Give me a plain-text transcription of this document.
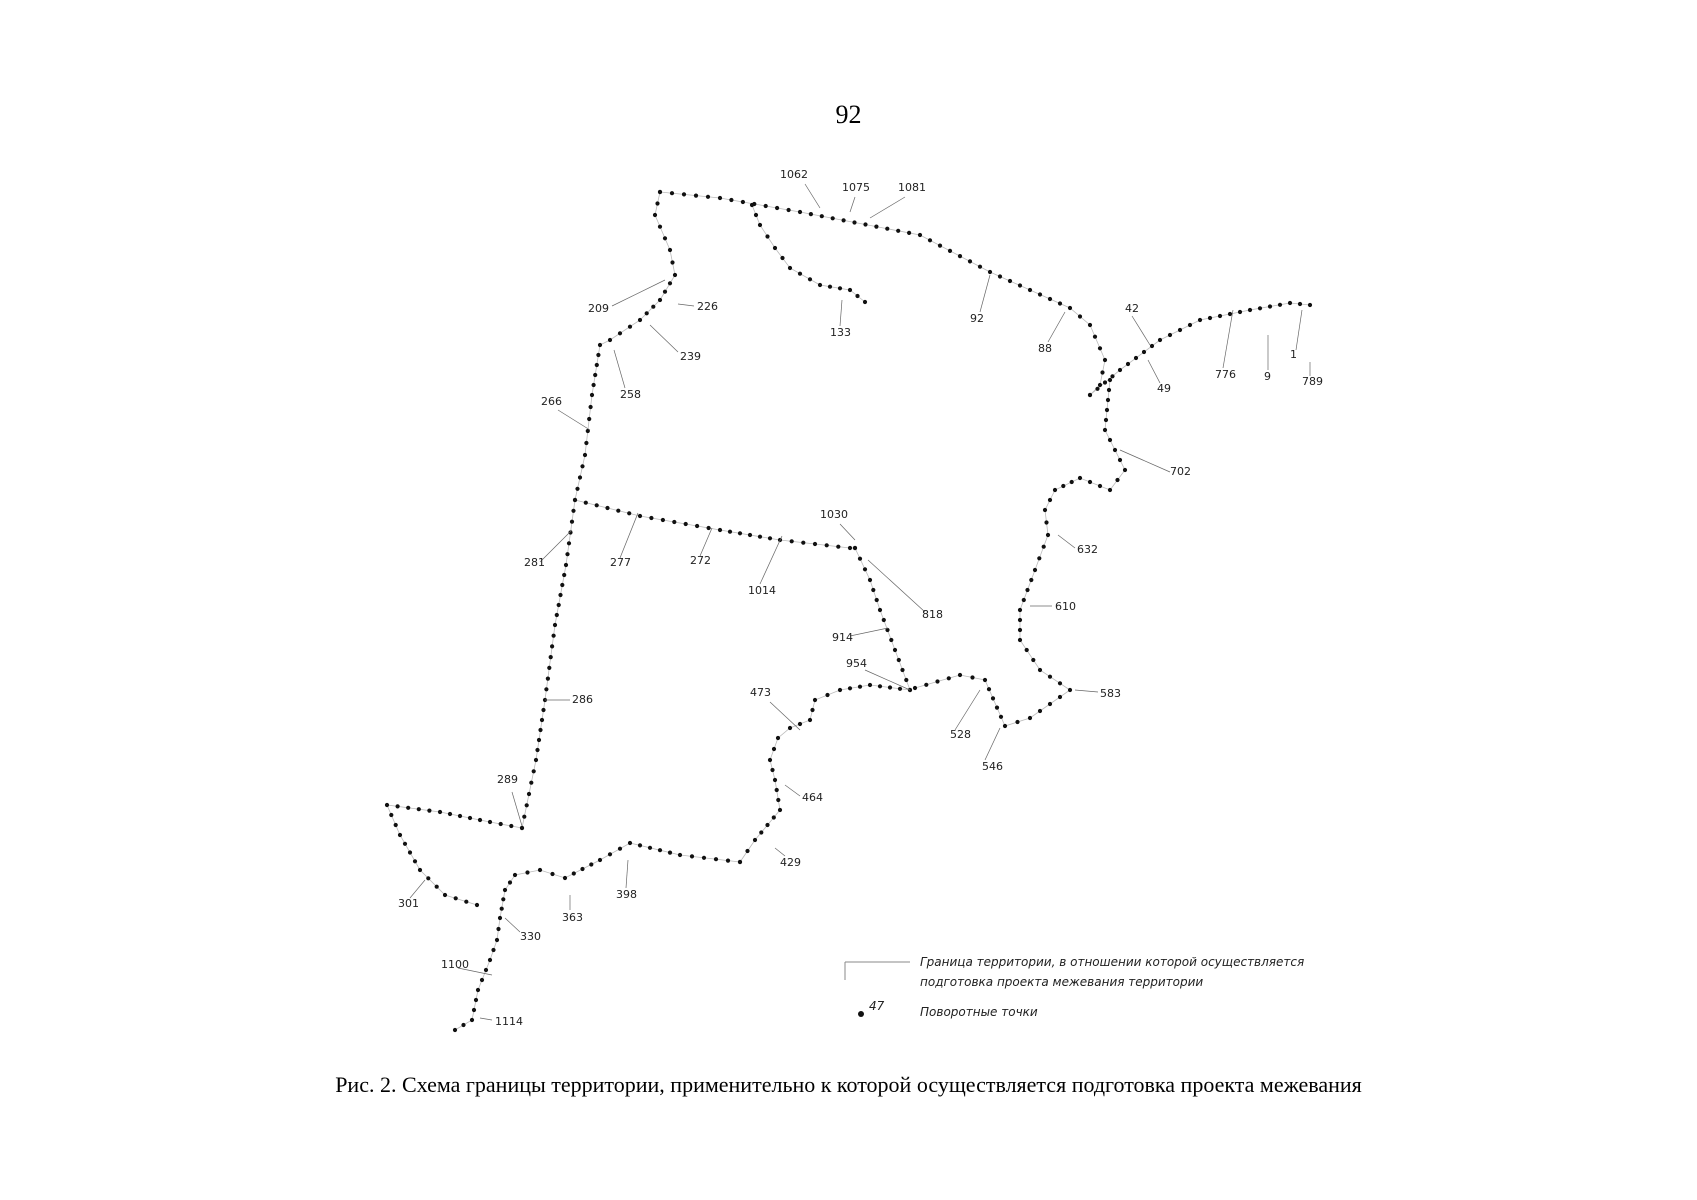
92
1062
1075	1081
209	226
239
258
133
92
88
42
49
776	9
1
789
266
702
281	277	272
1014
1030
818
914
632
610
954
473
528
583
546
286
464
289
429
301
398
363
330
1100
1114
Граница территории, в отношении которой осуществляется
подготовка проекта межевания территории
47	Поворотные точки
Рис. 2. Схема границы территории, применительно к которой осуществляется подготовка проекта межевания
